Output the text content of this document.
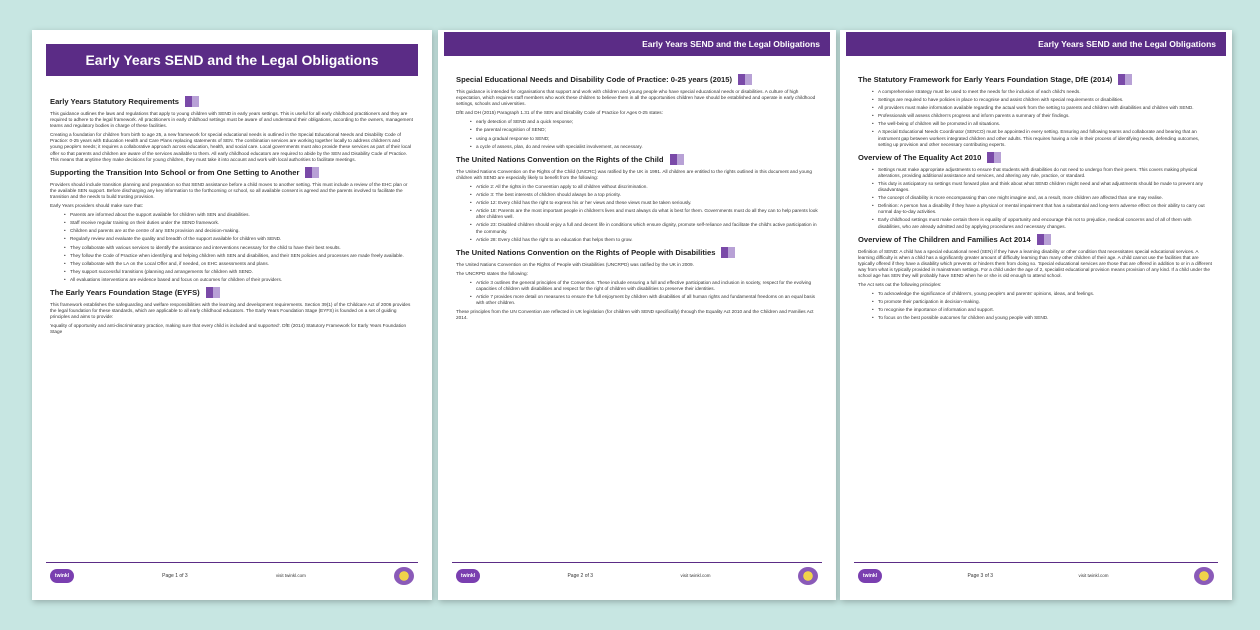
Early Years SEND and the Legal Obligations
Early Years Statutory Requirements

This guidance outlines the laws and regulations that apply to young children with SEND in early years settings. This is useful for all early childhood practitioners and they are required to adhere to the legal framework. All practitioners in early childhood settings must be aware of and understand their obligations, according to the owners, management teams and regulatory bodies in charge of these facilities.

Creating a foundation for children from birth to age 25, a new framework for special educational needs is outlined in the Special Educational Needs and Disability Code of Practice: 0-25 years with Education Health and Care Plans replacing statements of SEN. The combination services are working together locally to address children's and young people's needs; it requires a collaborative approach across education, health, and social care. Local governments must also provide these services as part of their local offer so that parents and children are aware of the services available to them. All early childhood educators are required to abide by the SEN and Disability Code of Practice. This means that anytime they make decisions for young children, they must take it into account and work with local authorities to facilitate meetings.

Supporting the Transition Into School or from One Setting to Another

Providers should include transition planning and preparation so that SEND assistance before a child moves to another setting. This must include a review of the EHC plan or the available SEN support. Before discharging any key information to the forthcoming or school, so all available consent is agreed and the parents involved to facilitate the transition and the needs to build trusting provision.

Early Years providers should make sure that:

• Parents are informed about the support available for children with SEN and disabilities.
• Staff receive regular training on their duties under the SEND framework.
• Children and parents are at the centre of any SEN provision and decision-making.
• Regularly review and evaluate the quality and breadth of the support available for children with SEND.
• They collaborate with various services to identify the assistance and interventions necessary for the child to have their best results.
• They follow the Code of Practice when identifying and helping children with SEN and disabilities, and their SEN policies and processes are made freely available.
• They collaborate with the LA on the Local Offer and, if needed, on EHC assessments and plans.
• They support successful transitions (planning and arrangements for children with SEND.
• All evaluations interventions are evidence based and focus on outcomes for children of their providers.
The Early Years Foundation Stage (EYFS)

This framework establishes the safeguarding and welfare responsibilities with the learning and development requirements. Section 39(1) of the Childcare Act of 2006 provides the legal foundation for these standards, which are applicable to all early childhood educators. The Early Years Foundation Stage (EYFS) is founded on a set of guiding principles and aims to provide:

'equality of opportunity and anti-discriminatory practice, making sure that every child is included and supported'. DfE (2014) Statutory Framework for Early Years Foundation Stage

twinkl	Page 1 of 3	visit twinkl.com
Early Years SEND and the Legal Obligations
Special Educational Needs and Disability Code of Practice: 0-25 years (2015)

This guidance is intended for organisations that support and work with children and young people who have special educational needs or disabilities. A culture of high expectation, which requires staff members who work these children to believe them in all the opportunities children have should be established and operate in early childhood settings, schools and universities.

DfE and DH (2015) Paragraph 1.31 of the SEN and Disability Code of Practice for Ages 0-25 states:

• early detection of SEND and a quick response;
• the parental recognition of SEND;
• using a gradual response to SEND;
• a cycle of assess, plan, do and review with specialist involvement, as necessary.
The United Nations Convention on the Rights of the Child

The United Nations Convention on the Rights of the Child (UNCRC) was ratified by the UK in 1991. All children are entitled to the rights outlined in this document and young children with SEND are especially likely to benefit from the following:

• Article 2: All the rights in the Convention apply to all children without discrimination.
• Article 3: The best interests of children should always be a top priority.
• Article 12: Every child has the right to express his or her views and these views must be taken seriously.
• Article 18: Parents are the most important people in children's lives and must always do what is best for them. Governments must do all they can to help parents look after children well.
• Article 23: Disabled children should enjoy a full and decent life in conditions which ensure dignity, promote self-reliance and facilitate the child's active participation in the community.
• Article 28: Every child has the right to an education that helps them to grow.
The United Nations Convention on the Rights of People with Disabilities

The United Nations Convention on the Rights of People with Disabilities (UNCRPD) was ratified by the UK in 2009.

The UNCRPD states the following:

• Article 3 outlines the general principles of the Convention. These include ensuring a full and effective participation and inclusion in society, respect for the evolving capacities of children with disabilities and respect for the right of children with disabilities to preserve their identities.
• Article 7 provides more detail on measures to ensure the full enjoyment by children with disabilities of all human rights and fundamental freedoms on an equal basis with other children.

These principles from the UN Convention are reflected in UK legislation (for children with SEND specifically) through the Equality Act 2010 and the Children and Families Act 2014.

twinkl	Page 2 of 3	visit twinkl.com
Early Years SEND and the Legal Obligations
The Statutory Framework for Early Years Foundation Stage, DfE (2014)
• A comprehensive strategy must be used to meet the needs for the inclusion of each child's needs.
• Settings are required to have policies in place to recognise and assist children with special requirements or disabilities.
• All providers must make information available regarding the actual work from the setting to parents and children with disabilities and children with SEND.
• Professionals will assess children's progress and inform parents a summary of their findings.
• The well-being of children will be promoted in all situations.
• A Special Educational Needs Coordinator (SENCO) must be appointed in every setting. Ensuring and following teams and collaborate and bearing that an instrument gap between workers integrated children and other adults. This requires having a role in their process of identifying needs, defending outcomes, setting up provision and other necessary contributing experts.
Overview of The Equality Act 2010
• Settings must make appropriate adjustments to ensure that students with disabilities do not need to undergo from their peers. This covers making physical alterations, providing additional assistance and services, and altering any rule, practice, or standard.
• This duty is anticipatory so settings must forward plan and think about what SEND children might need and what adjustments should be made to prevent any disadvantages.
• The concept of disability is more encompassing than one might imagine and, as a result, more children are affected than one may realise.
• Definition: A person has a disability if they have a physical or mental impairment that has a substantial and long-term adverse effect on their ability to carry out normal day-to-day activities.
• Early childhood settings must make certain there is equality of opportunity and encourage this not to prejudice, medical concerns and of all of them with disabilities, who are already admitted and by applying procedures and necessary changes.
Overview of The Children and Families Act 2014

Definition of SEND: A child has a special educational need (SEN) if they have a learning disability or other condition that necessitates special educational services. A learning difficulty is when a child has a significantly greater amount of difficulty learning than many other children of their age. A child cannot use the facilities that are typically offered if they have a disability which prevents or hinders them from doing so. 'Special educational services are those that are offered in addition to or in a different way from what is typically provided in mainstream settings. For a child under the age of 2, specialist educational provision means provision of any kind. If a child under the school age has SEN they will probably have SEND when he or she is old enough to attend school.

The Act sets out the following principles:

• To acknowledge the significance of children's, young people's and parents' opinions, ideas, and feelings.
• To promote their participation in decision-making.
• To recognise the importance of information and support.
• To focus on the best possible outcomes for children and young people with SEND.
twinkl	Page 3 of 3	visit twinkl.com
